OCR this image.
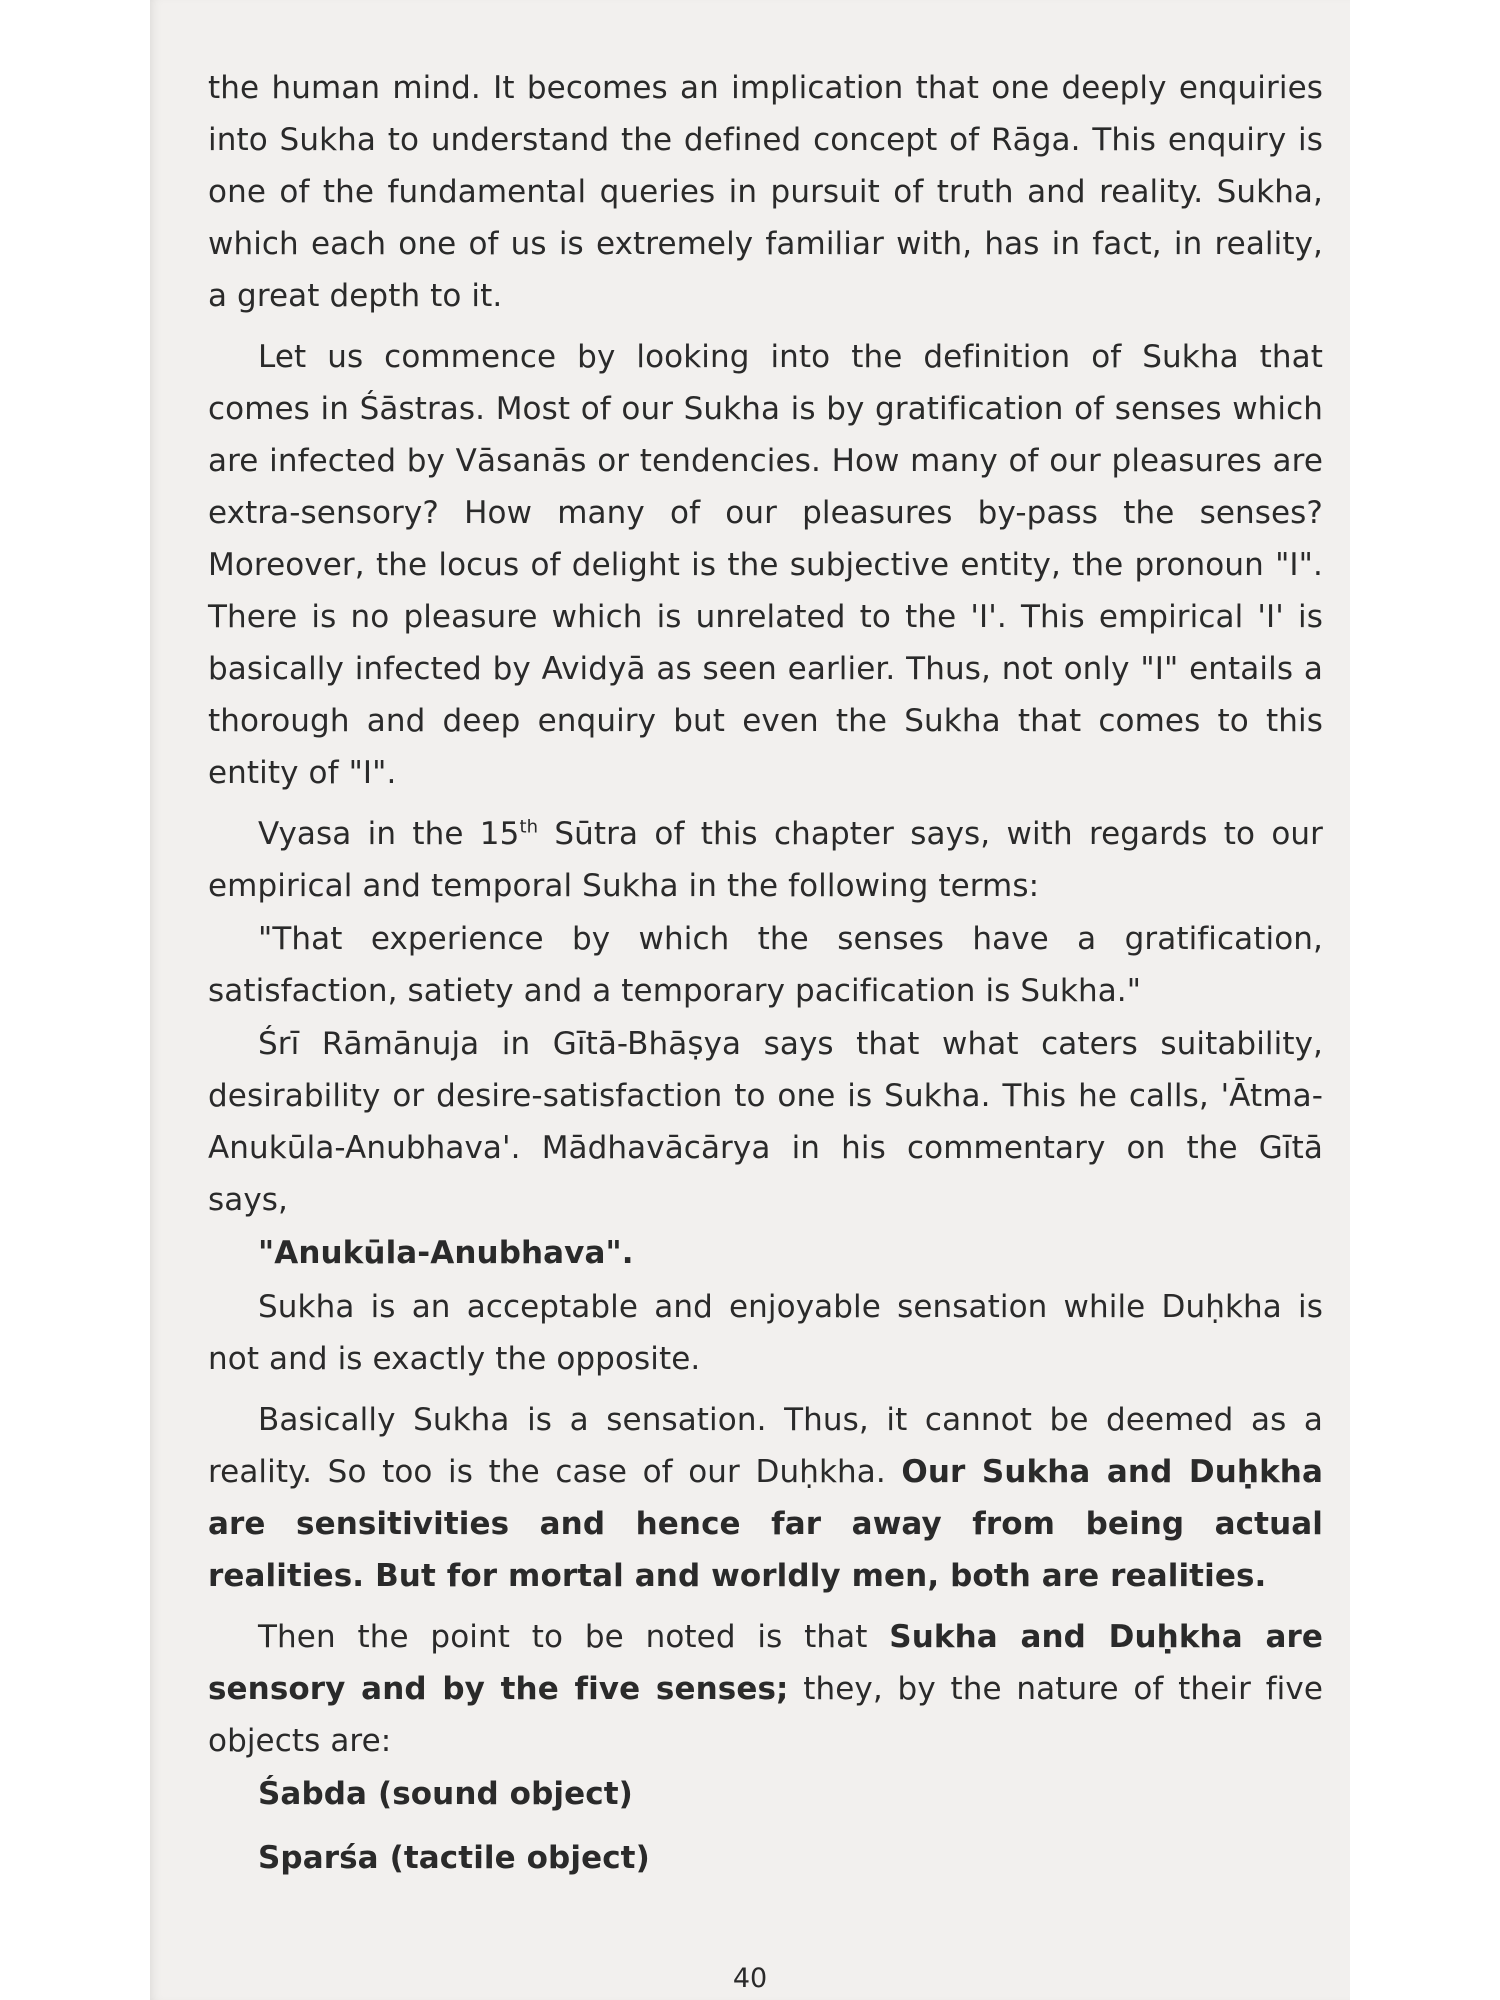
the human mind. It becomes an implication that one deeply enquiries into Sukha to understand the defined concept of Rāga. This enquiry is one of the fundamental queries in pursuit of truth and reality. Sukha, which each one of us is extremely familiar with, has in fact, in reality, a great depth to it.

Let us commence by looking into the definition of Sukha that comes in Śāstras. Most of our Sukha is by gratification of senses which are infected by Vāsanās or tendencies. How many of our pleasures are extra-sensory? How many of our pleasures by-pass the senses? Moreover, the locus of delight is the subjective entity, the pronoun "I". There is no pleasure which is unrelated to the 'I'. This empirical 'I' is basically infected by Avidyā as seen earlier. Thus, not only "I" entails a thorough and deep enquiry but even the Sukha that comes to this entity of "I".

Vyasa in the 15th Sūtra of this chapter says, with regards to our empirical and temporal Sukha in the following terms:

"That experience by which the senses have a gratification, satisfaction, satiety and a temporary pacification is Sukha."

Śrī Rāmānuja in Gītā-Bhāṣya says that what caters suitability, desirability or desire-satisfaction to one is Sukha. This he calls, 'Ātma-Anukūla-Anubhava'. Mādhavācārya in his commentary on the Gītā says,

"Anukūla-Anubhava".

Sukha is an acceptable and enjoyable sensation while Duḥkha is not and is exactly the opposite.

Basically Sukha is a sensation. Thus, it cannot be deemed as a reality. So too is the case of our Duḥkha. Our Sukha and Duḥkha are sensitivities and hence far away from being actual realities. But for mortal and worldly men, both are realities.

Then the point to be noted is that Sukha and Duḥkha are sensory and by the five senses; they, by the nature of their five objects are:

Śabda (sound object)
Sparśa (tactile object)
40
